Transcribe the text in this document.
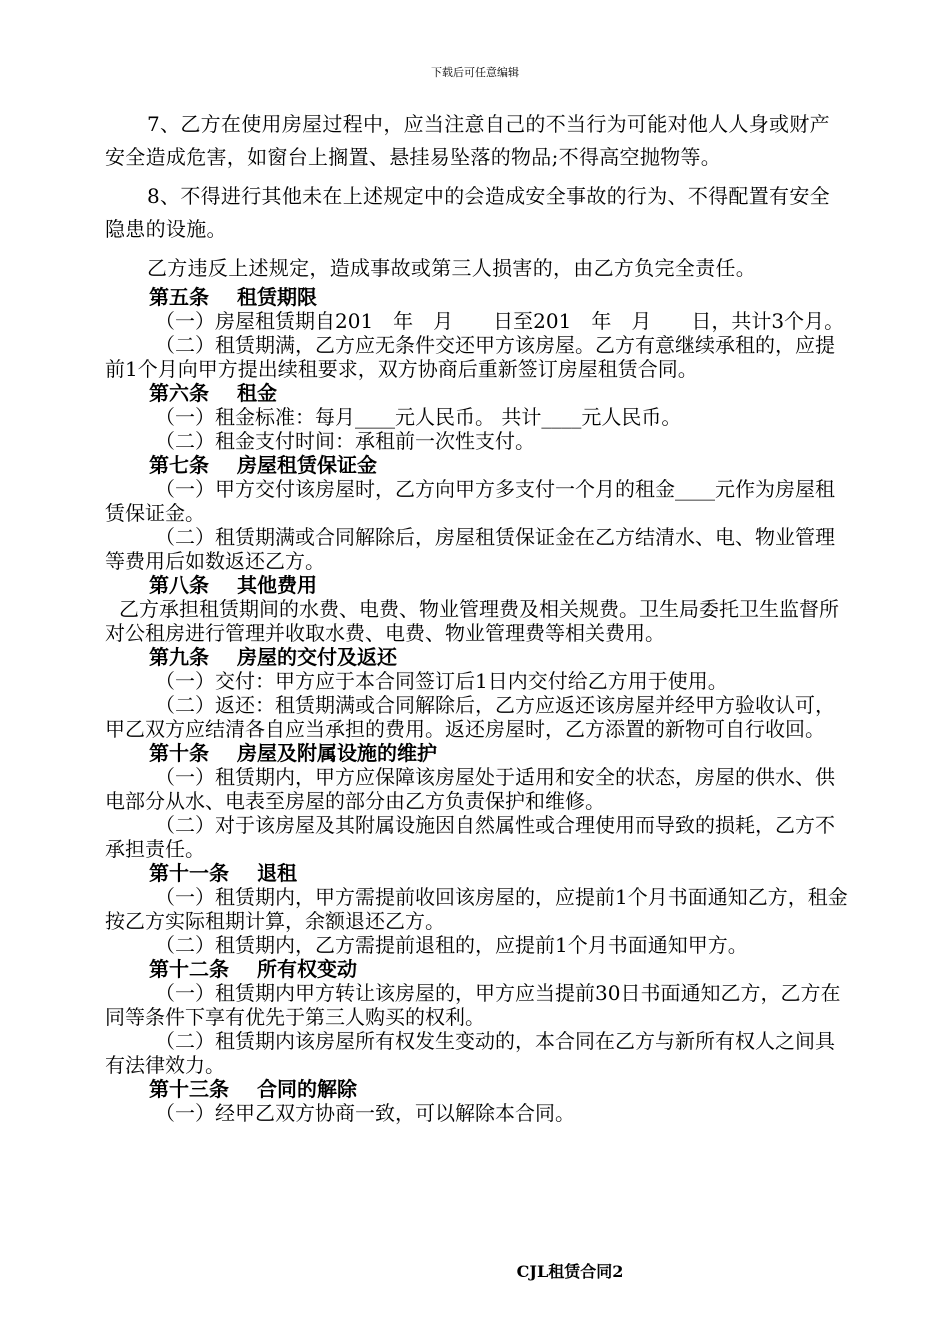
下载后可任意编辑

7、乙方在使用房屋过程中，应当注意自己的不当行为可能对他人人身或财产安全造成危害，如窗台上搁置、悬挂易坠落的物品;不得高空抛物等。

8、不得进行其他未在上述规定中的会造成安全事故的行为、不得配置有安全隐患的设施。

乙方违反上述规定，造成事故或第三人损害的，由乙方负完全责任。

第五条 租赁期限

（一）房屋租赁期自201　年　月　　日至201　年　月　　日，共计3个月。

（二）租赁期满，乙方应无条件交还甲方该房屋。乙方有意继续承租的，应提前1个月向甲方提出续租要求，双方协商后重新签订房屋租赁合同。

第六条 租金

（一）租金标准：每月____元人民币。 共计____元人民币。

（二）租金支付时间：承租前一次性支付。

第七条 房屋租赁保证金

（一）甲方交付该房屋时，乙方向甲方多支付一个月的租金____元作为房屋租赁保证金。

（二）租赁期满或合同解除后，房屋租赁保证金在乙方结清水、电、物业管理等费用后如数返还乙方。

第八条 其他费用

乙方承担租赁期间的水费、电费、物业管理费及相关规费。卫生局委托卫生监督所对公租房进行管理并收取水费、电费、物业管理费等相关费用。

第九条 房屋的交付及返还

（一）交付：甲方应于本合同签订后1日内交付给乙方用于使用。

（二）返还：租赁期满或合同解除后，乙方应返还该房屋并经甲方验收认可，甲乙双方应结清各自应当承担的费用。返还房屋时，乙方添置的新物可自行收回。

第十条 房屋及附属设施的维护

（一）租赁期内，甲方应保障该房屋处于适用和安全的状态，房屋的供水、供电部分从水、电表至房屋的部分由乙方负责保护和维修。

（二）对于该房屋及其附属设施因自然属性或合理使用而导致的损耗，乙方不承担责任。

第十一条 退租

（一）租赁期内，甲方需提前收回该房屋的，应提前1个月书面通知乙方，租金按乙方实际租期计算，余额退还乙方。

（二）租赁期内，乙方需提前退租的，应提前1个月书面通知甲方。

第十二条 所有权变动

（一）租赁期内甲方转让该房屋的，甲方应当提前30日书面通知乙方，乙方在同等条件下享有优先于第三人购买的权利。

（二）租赁期内该房屋所有权发生变动的，本合同在乙方与新所有权人之间具有法律效力。

第十三条 合同的解除

（一）经甲乙双方协商一致，可以解除本合同。

CJL租赁合同2
